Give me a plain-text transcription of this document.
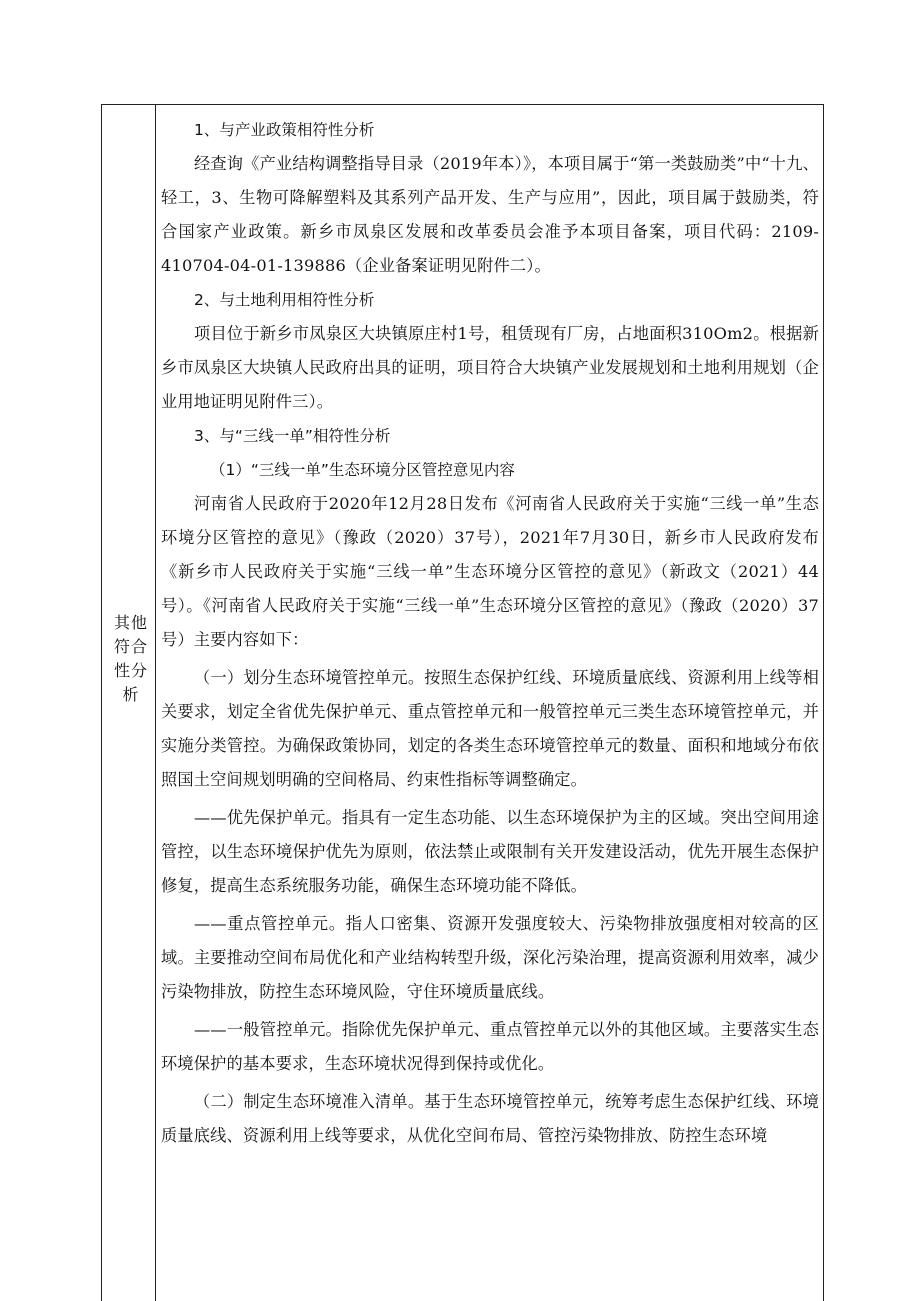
其他符合性分析

1、与产业政策相符性分析

经查询《产业结构调整指导目录（2019年本）》，本项目属于“第一类鼓励类”中“十九、轻工，3、生物可降解塑料及其系列产品开发、生产与应用”，因此，项目属于鼓励类，符合国家产业政策。新乡市凤泉区发展和改革委员会准予本项目备案，项目代码：2109-410704-04-01-139886（企业备案证明见附件二）。

2、与土地利用相符性分析

项目位于新乡市凤泉区大块镇原庄村1号，租赁现有厂房，占地面积310Om2。根据新乡市凤泉区大块镇人民政府出具的证明，项目符合大块镇产业发展规划和土地利用规划（企业用地证明见附件三）。

3、与“三线一单”相符性分析

（1）“三线一单”生态环境分区管控意见内容

河南省人民政府于2020年12月28日发布《河南省人民政府关于实施“三线一单”生态环境分区管控的意见》（豫政（2020）37号），2021年7月30日，新乡市人民政府发布《新乡市人民政府关于实施“三线一单”生态环境分区管控的意见》（新政文（2021）44号）。《河南省人民政府关于实施“三线一单”生态环境分区管控的意见》（豫政（2020）37号）主要内容如下：

（一）划分生态环境管控单元。按照生态保护红线、环境质量底线、资源利用上线等相关要求，划定全省优先保护单元、重点管控单元和一般管控单元三类生态环境管控单元，并实施分类管控。为确保政策协同，划定的各类生态环境管控单元的数量、面积和地域分布依照国土空间规划明确的空间格局、约束性指标等调整确定。

——优先保护单元。指具有一定生态功能、以生态环境保护为主的区域。突出空间用途管控，以生态环境保护优先为原则，依法禁止或限制有关开发建设活动，优先开展生态保护修复，提高生态系统服务功能，确保生态环境功能不降低。

——重点管控单元。指人口密集、资源开发强度较大、污染物排放强度相对较高的区域。主要推动空间布局优化和产业结构转型升级，深化污染治理，提高资源利用效率，减少污染物排放，防控生态环境风险，守住环境质量底线。

——一般管控单元。指除优先保护单元、重点管控单元以外的其他区域。主要落实生态环境保护的基本要求，生态环境状况得到保持或优化。

（二）制定生态环境准入清单。基于生态环境管控单元，统筹考虑生态保护红线、环境质量底线、资源利用上线等要求，从优化空间布局、管控污染物排放、防控生态环境
